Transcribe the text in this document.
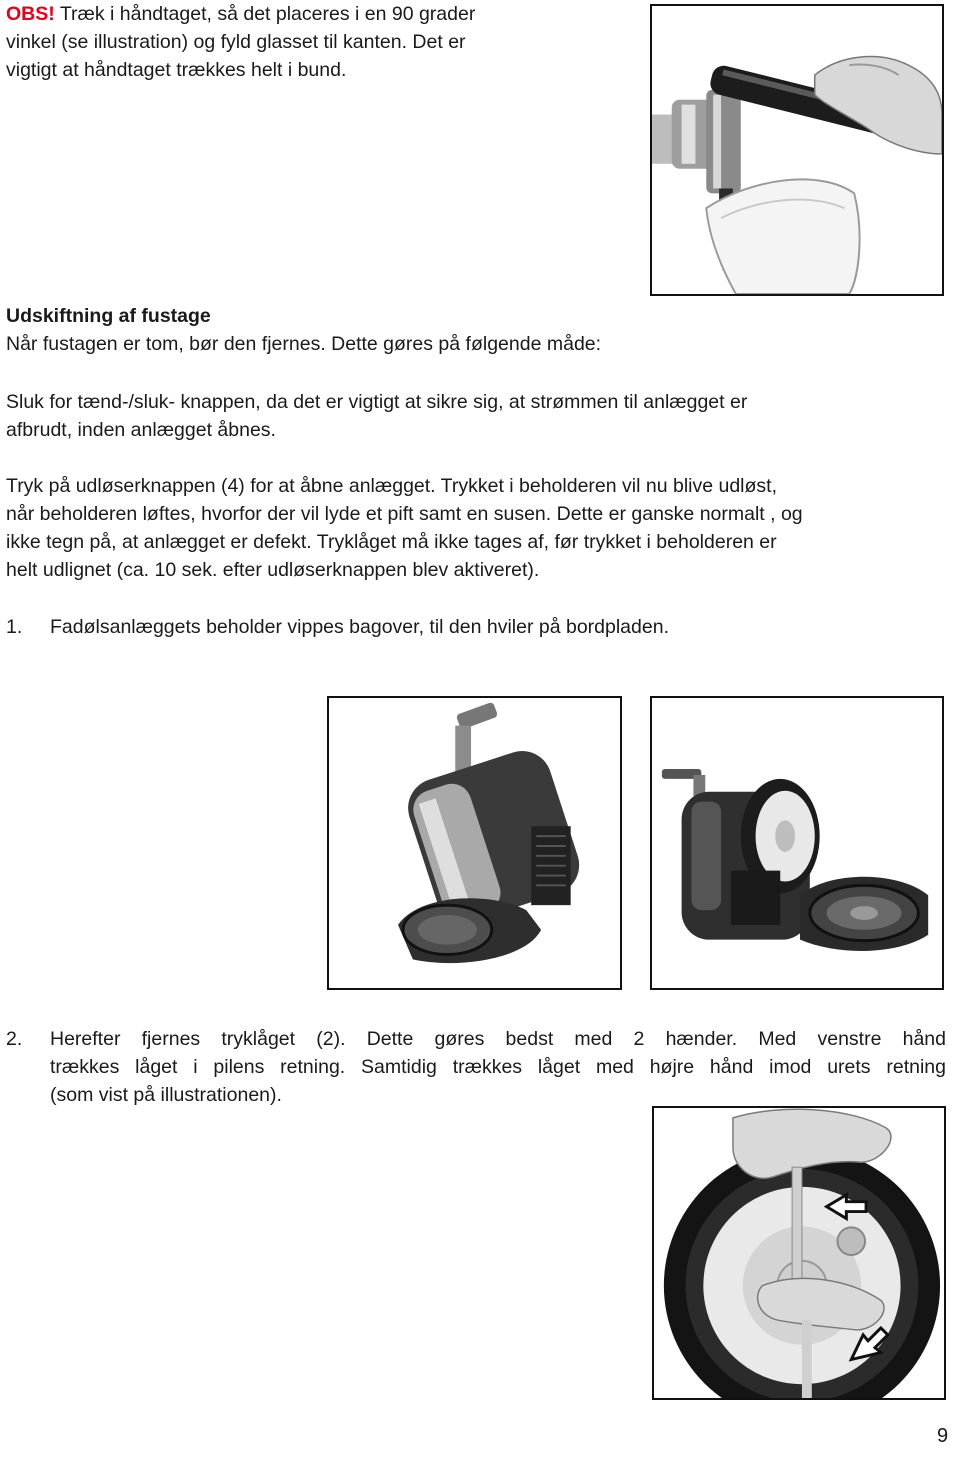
OBS! Træk i håndtaget, så det placeres i en 90 grader
vinkel (se illustration) og fyld glasset til kanten. Det er
vigtigt at håndtaget trækkes helt i bund.
Udskiftning af fustage
Når fustagen er tom, bør den fjernes. Dette gøres på følgende måde:
Sluk for tænd-/sluk- knappen, da det er vigtigt at sikre sig, at strømmen til anlægget er
afbrudt, inden anlægget åbnes.
Tryk på udløserknappen (4) for at åbne anlægget. Trykket i beholderen vil nu blive udløst,
når beholderen løftes, hvorfor der vil lyde et pift samt en susen. Dette er ganske normalt , og
ikke tegn på, at anlægget er defekt. Tryklåget må ikke tages af, før trykket i beholderen er
helt udlignet (ca. 10 sek. efter udløserknappen blev aktiveret).
1. Fadølsanlæggets beholder vippes bagover, til den hviler på bordpladen.
2. Herefter fjernes tryklåget (2). Dette gøres bedst med 2 hænder. Med venstre hånd
trækkes låget i pilens retning. Samtidig trækkes låget med højre hånd imod urets retning
(som vist på illustrationen).
9
